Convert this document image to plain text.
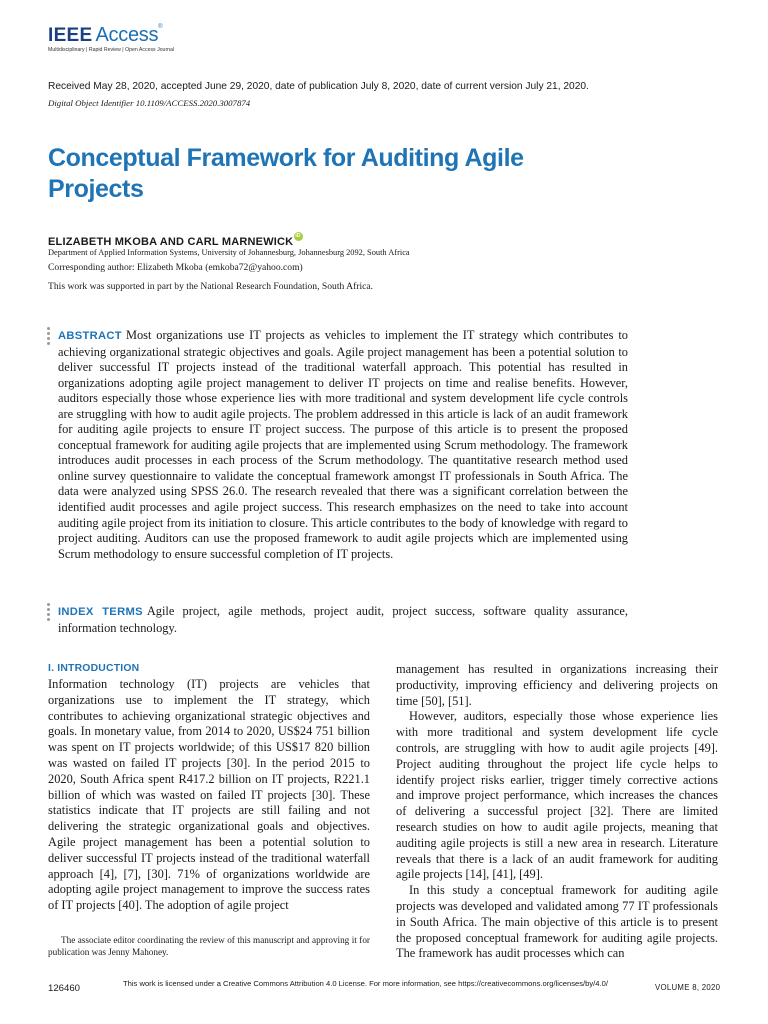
IEEE Access®
Multidisciplinary | Rapid Review | Open Access Journal
Received May 28, 2020, accepted June 29, 2020, date of publication July 8, 2020, date of current version July 21, 2020.
Digital Object Identifier 10.1109/ACCESS.2020.3007874
Conceptual Framework for Auditing Agile Projects
ELIZABETH MKOBA AND CARL MARNEWICKiD
Department of Applied Information Systems, University of Johannesburg, Johannesburg 2092, South Africa
Corresponding author: Elizabeth Mkoba (emkoba72@yahoo.com)
This work was supported in part by the National Research Foundation, South Africa.
ABSTRACT Most organizations use IT projects as vehicles to implement the IT strategy which contributes to achieving organizational strategic objectives and goals. Agile project management has been a potential solution to deliver successful IT projects instead of the traditional waterfall approach. This potential has resulted in organizations adopting agile project management to deliver IT projects on time and realise benefits. However, auditors especially those whose experience lies with more traditional and system development life cycle controls are struggling with how to audit agile projects. The problem addressed in this article is lack of an audit framework for auditing agile projects to ensure IT project success. The purpose of this article is to present the proposed conceptual framework for auditing agile projects that are implemented using Scrum methodology. The framework introduces audit processes in each process of the Scrum methodology. The quantitative research method used online survey questionnaire to validate the conceptual framework amongst IT professionals in South Africa. The data were analyzed using SPSS 26.0. The research revealed that there was a significant correlation between the identified audit processes and agile project success. This research emphasizes on the need to take into account auditing agile project from its initiation to closure. This article contributes to the body of knowledge with regard to project auditing. Auditors can use the proposed framework to audit agile projects which are implemented using Scrum methodology to ensure successful completion of IT projects.
INDEX TERMS Agile project, agile methods, project audit, project success, software quality assurance, information technology.
I. INTRODUCTION

Information technology (IT) projects are vehicles that organizations use to implement the IT strategy, which contributes to achieving organizational strategic objectives and goals. In monetary value, from 2014 to 2020, US$24 751 billion was spent on IT projects worldwide; of this US$17 820 billion was wasted on failed IT projects [30]. In the period 2015 to 2020, South Africa spent R417.2 billion on IT projects, R221.1 billion of which was wasted on failed IT projects [30]. These statistics indicate that IT projects are still failing and not delivering the strategic organizational goals and objectives. Agile project management has been a potential solution to deliver successful IT projects instead of the traditional waterfall approach [4], [7], [30]. 71% of organizations worldwide are adopting agile project management to improve the success rates of IT projects [40]. The adoption of agile project

management has resulted in organizations increasing their productivity, improving efficiency and delivering projects on time [50], [51].

However, auditors, especially those whose experience lies with more traditional and system development life cycle controls, are struggling with how to audit agile projects [49]. Project auditing throughout the project life cycle helps to identify project risks earlier, trigger timely corrective actions and improve project performance, which increases the chances of delivering a successful project [32]. There are limited research studies on how to audit agile projects, meaning that auditing agile projects is still a new area in research. Literature reveals that there is a lack of an audit framework for auditing agile projects [14], [41], [49].

In this study a conceptual framework for auditing agile projects was developed and validated among 77 IT professionals in South Africa. The main objective of this article is to present the proposed conceptual framework for auditing agile projects. The framework has audit processes which can

The associate editor coordinating the review of this manuscript and approving it for publication was Jenny Mahoney.
126460	This work is licensed under a Creative Commons Attribution 4.0 License. For more information, see https://creativecommons.org/licenses/by/4.0/	VOLUME 8, 2020
